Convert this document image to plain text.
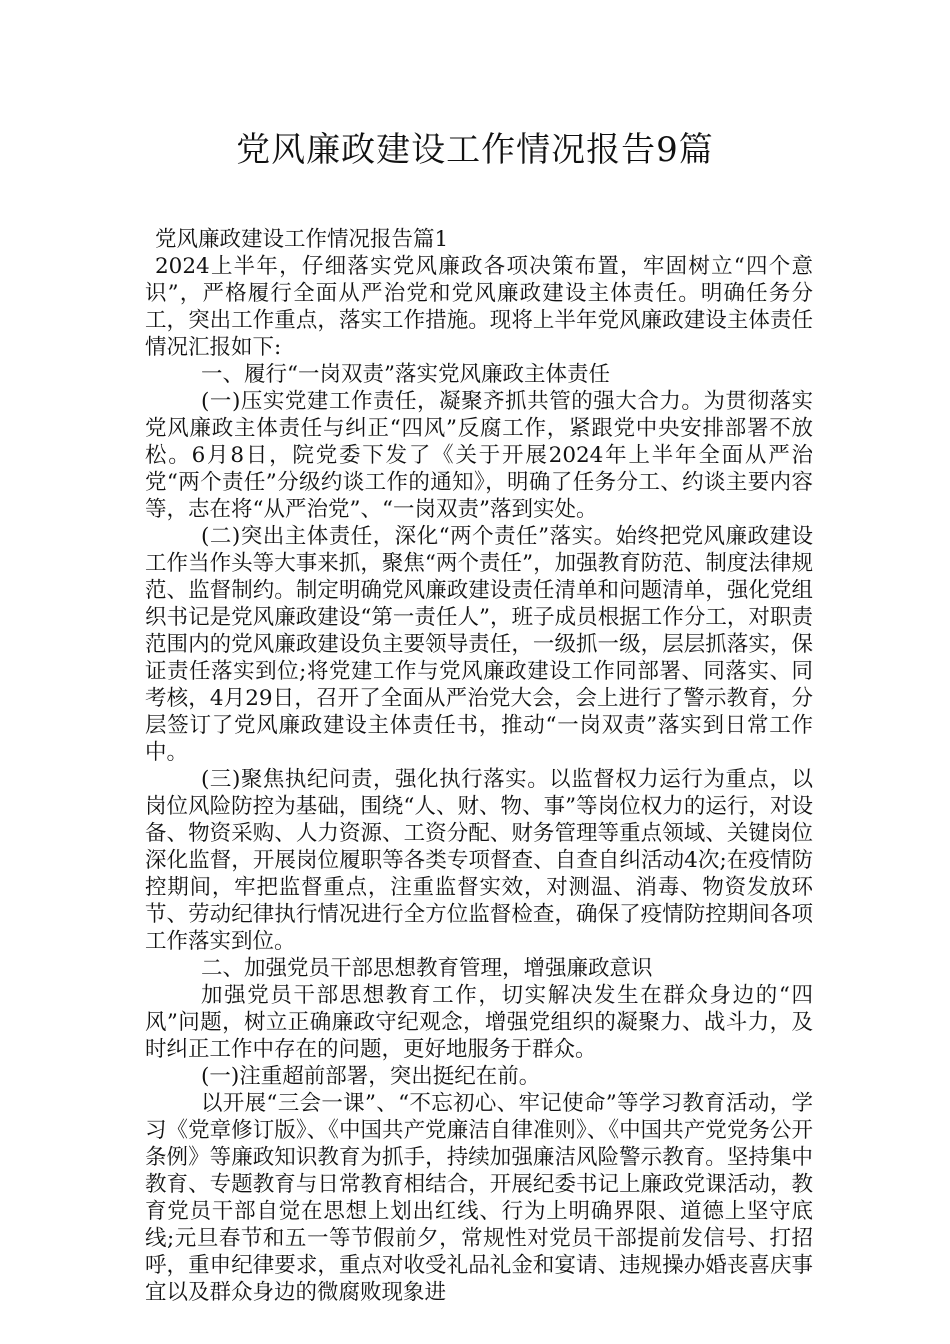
党风廉政建设工作情况报告9篇

党风廉政建设工作情况报告篇1

2024上半年，仔细落实党风廉政各项决策布置，牢固树立“四个意识”，严格履行全面从严治党和党风廉政建设主体责任。明确任务分工，突出工作重点，落实工作措施。现将上半年党风廉政建设主体责任情况汇报如下:

一、履行“一岗双责”落实党风廉政主体责任

(一)压实党建工作责任，凝聚齐抓共管的强大合力。为贯彻落实党风廉政主体责任与纠正“四风”反腐工作，紧跟党中央安排部署不放松。6月8日，院党委下发了《关于开展2024年上半年全面从严治党“两个责任”分级约谈工作的通知》，明确了任务分工、约谈主要内容等，志在将“从严治党”、“一岗双责”落到实处。

(二)突出主体责任，深化“两个责任”落实。始终把党风廉政建设工作当作头等大事来抓，聚焦“两个责任”，加强教育防范、制度法律规范、监督制约。制定明确党风廉政建设责任清单和问题清单，强化党组织书记是党风廉政建设“第一责任人”，班子成员根据工作分工，对职责范围内的党风廉政建设负主要领导责任，一级抓一级，层层抓落实，保证责任落实到位;将党建工作与党风廉政建设工作同部署、同落实、同考核，4月29日，召开了全面从严治党大会，会上进行了警示教育，分层签订了党风廉政建设主体责任书，推动“一岗双责”落实到日常工作中。

(三)聚焦执纪问责，强化执行落实。以监督权力运行为重点，以岗位风险防控为基础，围绕“人、财、物、事”等岗位权力的运行，对设备、物资采购、人力资源、工资分配、财务管理等重点领域、关键岗位深化监督，开展岗位履职等各类专项督查、自查自纠活动4次;在疫情防控期间，牢把监督重点，注重监督实效，对测温、消毒、物资发放环节、劳动纪律执行情况进行全方位监督检查，确保了疫情防控期间各项工作落实到位。

二、加强党员干部思想教育管理，增强廉政意识

加强党员干部思想教育工作，切实解决发生在群众身边的“四风”问题，树立正确廉政守纪观念，增强党组织的凝聚力、战斗力，及时纠正工作中存在的问题，更好地服务于群众。

(一)注重超前部署，突出挺纪在前。

以开展“三会一课”、“不忘初心、牢记使命”等学习教育活动，学习《党章修订版》、《中国共产党廉洁自律准则》、《中国共产党党务公开条例》等廉政知识教育为抓手，持续加强廉洁风险警示教育。坚持集中教育、专题教育与日常教育相结合，开展纪委书记上廉政党课活动，教育党员干部自觉在思想上划出红线、行为上明确界限、道德上坚守底线;元旦春节和五一等节假前夕，常规性对党员干部提前发信号、打招呼，重申纪律要求，重点对收受礼品礼金和宴请、违规操办婚丧喜庆事宜以及群众身边的微腐败现象进
